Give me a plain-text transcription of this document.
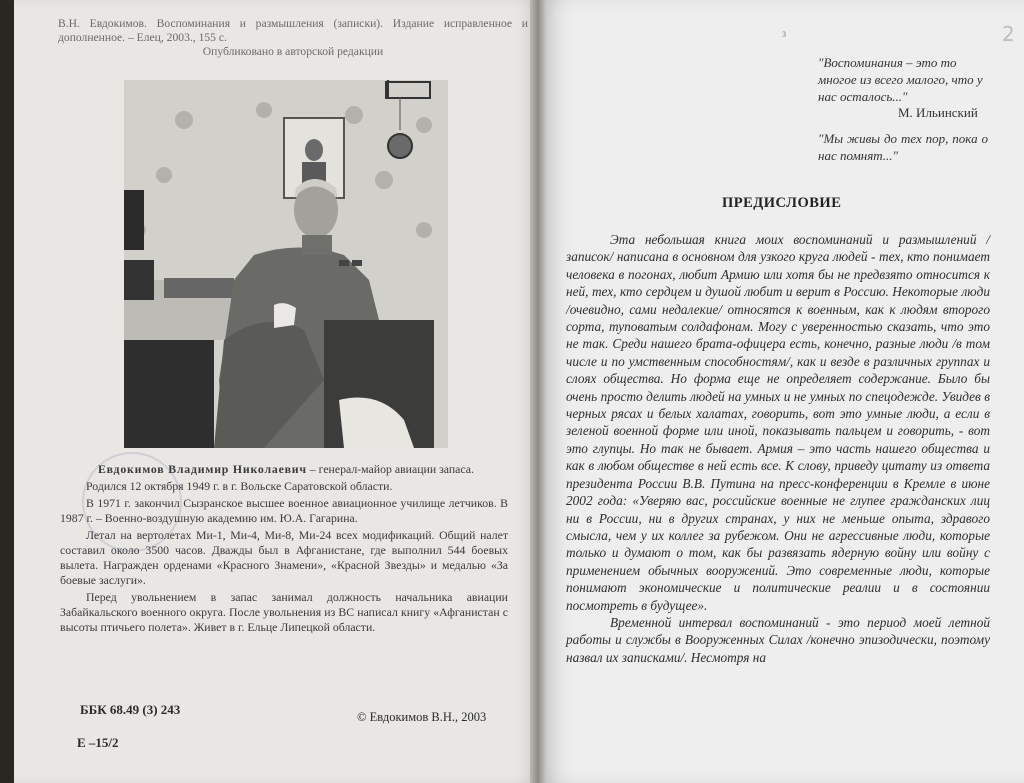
В.Н. Евдокимов. Воспоминания и размышления (записки). Издание исправленное и дополненное. – Елец, 2003., 155 с.
Опубликовано в авторской редакции

Евдокимов Владимир Николаевич – генерал-майор авиации запаса.

Родился 12 октября 1949 г. в г. Вольске Саратовской области.

В 1971 г. закончил Сызранское высшее военное авиационное училище летчиков. В 1987 г. – Военно-воздушную академию им. Ю.А. Гагарина.

Летал на вертолетах Ми-1, Ми-4, Ми-8, Ми-24 всех модификаций. Общий налет составил около 3500 часов. Дважды был в Афганистане, где выполнил 544 боевых вылета. Награжден орденами «Красного Знамени», «Красной Звезды» и медалью «За боевые заслуги».

Перед увольнением в запас занимал должность начальника авиации Забайкальского военного округа. После увольнения из ВС написал книгу «Афганистан с высоты птичьего полета». Живет в г. Ельце Липецкой области.

ББК 68.49 (3) 243	© Евдокимов В.Н., 2003
Е –15/2
3	2
"Воспоминания – это то многое из всего малого, что у нас осталось..."
М. Ильинский
"Мы живы до тех пор, пока о нас помнят..."
ПРЕДИСЛОВИЕ

Эта небольшая книга моих воспоминаний и размышлений /записок/ написана в основном для узкого круга людей - тех, кто понимает человека в погонах, любит Армию или хотя бы не предвзято относится к ней, тех, кто сердцем и душой любит и верит в Россию. Некоторые люди /очевидно, сами недалекие/ относятся к военным, как к людям второго сорта, туповатым солдафонам. Могу с уверенностью сказать, что это не так. Среди нашего брата-офицера есть, конечно, разные люди /в том числе и по умственным способностям/, как и везде в различных группах и слоях общества. Но форма еще не определяет содержание. Было бы очень просто делить людей на умных и не умных по спецодежде. Увидев в черных рясах и белых халатах, говорить, вот это умные люди, а если в зеленой военной форме или иной, показывать пальцем и говорить, - вот это глупцы. Но так не бывает. Армия – это часть нашего общества и как в любом обществе в ней есть все. К слову, приведу цитату из ответа президента России В.В. Путина на пресс-конференции в Кремле в июне 2002 года: «Уверяю вас, российские военные не глупее гражданских лиц ни в России, ни в других странах, у них не меньше опыта, здравого смысла, чем у их коллег за рубежом. Они не агрессивные люди, которые только и думают о том, как бы развязать ядерную войну или войну с применением обычных вооружений. Это современные люди, которые понимают экономические и политические реалии и в состоянии посмотреть в будущее».

Временной интервал воспоминаний - это период моей летной работы и службы в Вооруженных Силах /конечно эпизодически, поэтому назвал их записками/. Несмотря на
